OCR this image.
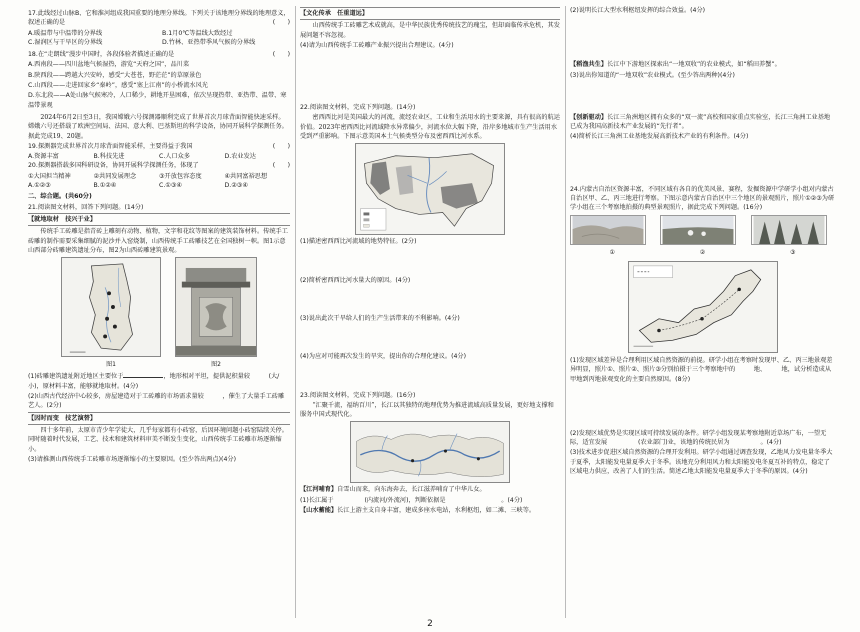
17.此线经过山脉B、它和淮河组成我国重要的地理分界线。下列关于该地理分界线的地理意义，叙述正确的是	(　　)

A.暖温带与中温带的分界线	B.1月0℃等温线大致经过
C.湿润区与干旱区的分界线	D.竹林、亚热带季风气候的分界线

18.在“走朗线”漫步中国时，各段体验者描述正确的是	(　　)

A.西南段——四川盆地气候湿热，游览“天府之国”，品川菜

B.陕西段——跨越大兴安岭，感受“大苍苍，野茫茫”的草原景色

C.山西段——走进回家乡“秦岭”，感受“塞上江南”的小桥流水风光

D.东北段——A处山脉气候寒冷，人口稀少，耕地开垦困难，依次呈现热带、亚热带、温带、寒温带景观

2024年6月2日至3日，我国嫦娥六号探测器顺利完成了世界首次月球背面智能快速采样。嫦娥六号还搭载了欧洲空间局、法国、意大利、巴基斯坦的科学设备，协同开展科学探测任务。据此完成19、20题。

19.探测器完成世界首次月球背面智能采样，主要得益于我国	(　　)

A.资源丰富	B.科技先进	C.人口众多	D.农业发达

20.探测器搭载多国科研设备，协同开展科学探测任务，体现了	(　　)

①大国担当精神	②共同发展理念	③开放包容态度	④共同富裕思想
A.①②③	B.①②④	C.①③④	D.②③④

二、综合题。(共60分)

21.阅读图文材料，回答下列问题。(14分)

【就地取材　技兴于业】

传统手工砖雕是指青砖上雕刻有动物、植物，文字和花纹等图案的建筑装饰材料。传统手工砖雕的制作需要采集细腻的泥沙并入窑烧制，山西传统手工砖雕技艺在全国独树一帜。图1示意山西部分砖雕建筑遗址分布，图2为山西砖雕建筑景观。

图1	图2

(1)砖雕建筑遗址附近地区主要位于	，地形相对平坦，提供泥积量较　　　(大/小)，原材料丰富，能够就地取材。(4分)

(2)山西古代经济中心较多，房屋建造对于工砖雕的市场需求量较　　　，催生了大量手工砖雕艺人。(2分)

【因时而变　技艺演替】

四十多年前，太原市青少年学徒大，几乎每家都有小砖窑，后因环境问题小砖窑陆续关停。同时随着时代发展，工艺、技术和建筑材料审美不断发生变化，山西传统手工砖雕市场逐渐缩小。

(3)请推测山西传统手工砖雕市场逐渐缩小的主要原因。(至少答出两点)(4分)

【文化传承　任重道远】

山西传统手工砖雕艺术成就高，是中华民族优秀传统技艺的瑰宝，但却面临传承危机，其发展问题不容忽视。

(4)请为山西传统手工砖雕产业振兴提出合理建议。(4分)

22.阅读图文材料，完成下列问题。(14分)

密西西比河是美国最大的河流，流经农业区，工业和生活用水的主要来源，具有很高的航运价值。2023年密西西比河流域降水异常偏少，河流水位大幅下降，沿岸多地城市生产生活用水受到严重影响。下图示意美国本土气候类型分布及密西西比河水系。

(1)描述密西西比河流域的地势特征。(2分)

(2)简析密西西比河水量大的原因。(4分)

(3)说出此次干旱给人们的生产生活带来的不利影响。(4分)

(4)为应对可能再次发生的旱灾，提出你的合理化建议。(4分)

23.阅读图文材料，完成下列问题。(16分)

“汇聚千流，福纳百川”，长江以其独特的地理优势为推进流域高质量发展，更好地支撑和服务中国式现代化。

【江河哺育】自雪山而来，向东海奔去，长江滋养哺育了中华儿女。

(1)长江属于　　　　　(内流河/外流河)，判断依据是　　　　　　　　　。(4分)

【山水蓄能】长江上游主支自身丰富，建成多座水电站，水利枢纽，如二滩、三峡等。

(2)说明长江大型水利枢纽发挥的综合效益。(4分)

【稻渔共生】长江中下游地区探索出“一地双收”的农业模式，如“稻田养蟹”。

(3)说出你知道的“一地双收”农业模式。(至少答出两种)(4分)

【创新驱动】长江三角洲地区拥有众多的“双一流”高校和国家重点实验室，长江三角洲工业基地已成为我国高新技术产业发展的“先行者”。

(4)简析长江三角洲工业基地发展高新技术产业的有利条件。(4分)

24.内蒙古自治区资源丰富，不同区域有各自的优美风景、赛程，发掘资源中学研学小组对内蒙古自治区甲、乙、丙三地进行考察。下图示意内蒙古自治区中三个地区的景观照片，照片①②③为研学小组在三个考察地拍摄的典型景观照片，据此完成下列问题。(16分)

①	②	③

(1)发现区域差异是合理利用区域自然资源的前提。研学小组在考察时发现甲、乙、丙三地景观差异明显，照片①、照片②、照片③分别拍摄于三个考察地中的　　　地、　　　地，试分析造成从甲地到丙地景观变化的主要自然原因。(8分)

(2)发现区域优势是实现区域可持续发展的条件。研学小组发现某考察地附近草场广布，一望无际，适宜发展　　　　　(农业部门)业，该地的传统民居为　　　　　。(4分)

(3)技术进步促进区域自然资源的合理开发利用。研学小组通过调查发现，乙地风力发电量冬季大于夏季，太阳能发电量夏季大于冬季。该地充分利用风力和太阳能发电冬夏互补的特点，稳定了区域电力供应，改善了人们的生活。简述乙地太阳能发电量夏季大于冬季的原因。(4分)

2
